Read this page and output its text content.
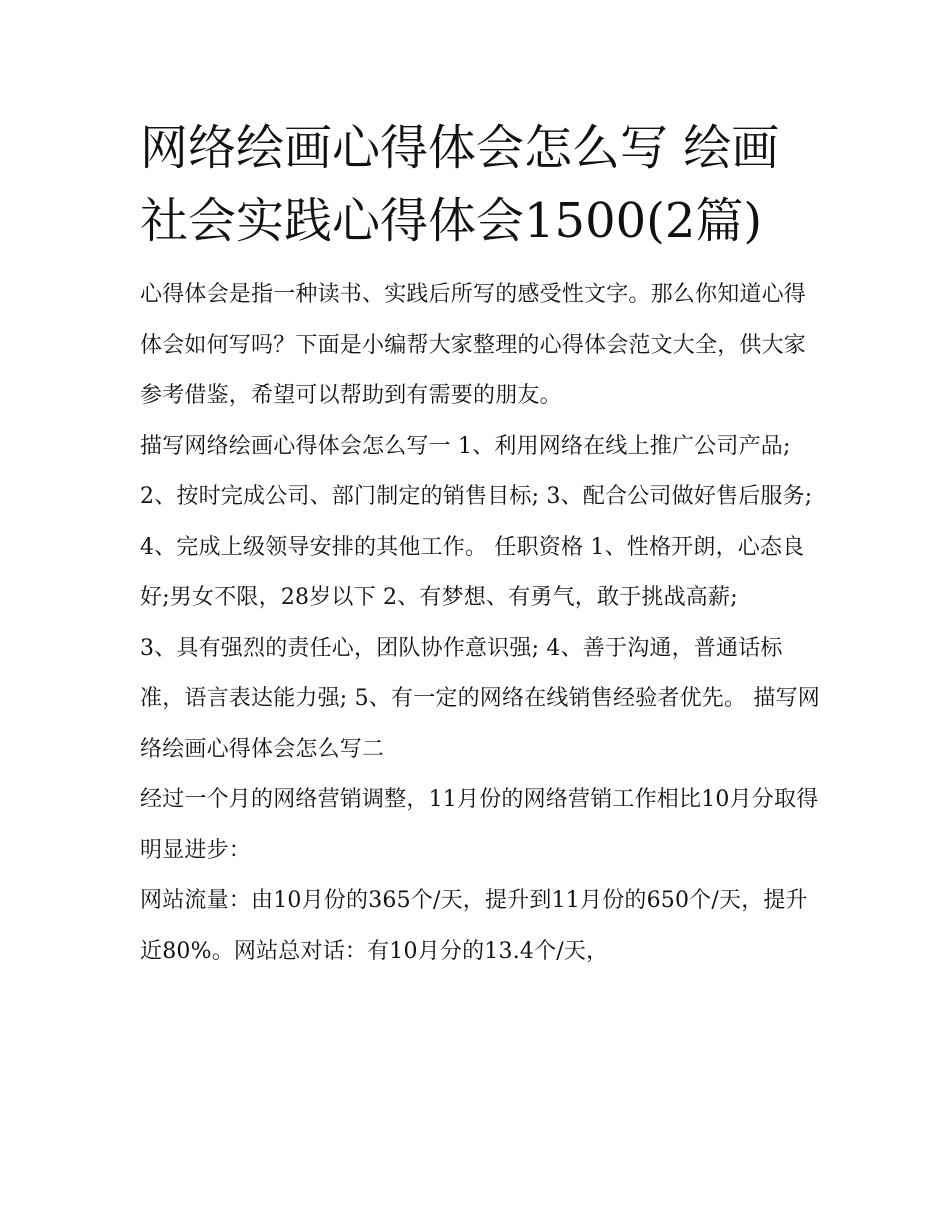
网络绘画心得体会怎么写 绘画社会实践心得体会1500(2篇)

心得体会是指一种读书、实践后所写的感受性文字。那么你知道心得体会如何写吗？下面是小编帮大家整理的心得体会范文大全，供大家参考借鉴，希望可以帮助到有需要的朋友。

描写网络绘画心得体会怎么写一 1、利用网络在线上推广公司产品; 2、按时完成公司、部门制定的销售目标; 3、配合公司做好售后服务;

4、完成上级领导安排的其他工作。 任职资格 1、性格开朗，心态良好;男女不限，28岁以下 2、有梦想、有勇气，敢于挑战高薪;

3、具有强烈的责任心，团队协作意识强; 4、善于沟通，普通话标准，语言表达能力强; 5、有一定的网络在线销售经验者优先。 描写网络绘画心得体会怎么写二

经过一个月的网络营销调整，11月份的网络营销工作相比10月分取得明显进步：

网站流量：由10月份的365个/天，提升到11月份的650个/天，提升近80%。网站总对话：有10月分的13.4个/天，
